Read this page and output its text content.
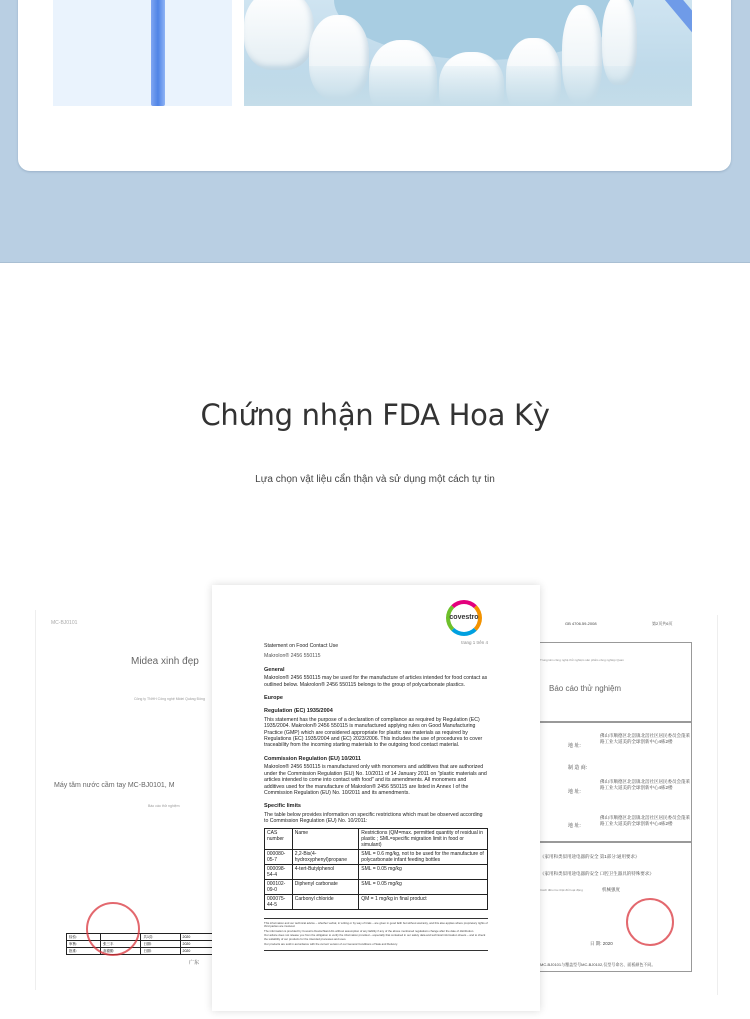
Chứng nhận FDA Hoa Kỳ
Lựa chọn vật liệu cẩn thận và sử dụng một cách tự tin
MC-BJ0101
Midea xinh đẹp
Công ty TNHH Công nghệ Midei Quảng Đông
Máy tăm nước cầm tay MC-BJ0101, M
Báo cáo thử nghiệm
检验:		共1页:	2020
审核:	张三丰	日期:	2020
批准:	高德勤	日期:	2020
广东
covestro
trang 1 trên 4

Statement on Food Contact Use

Makrolon® 2456 550115

General

Makrolon® 2456 550115 may be used for the manufacture of articles intended for food contact as outlined below. Makrolon® 2456 550115 belongs to the group of polycarbonate plastics.

Europe
Regulation (EC) 1935/2004

This statement has the purpose of a declaration of compliance as required by Regulation (EC) 1935/2004. Makrolon® 2456 550115 is manufactured applying rules on Good Manufacturing Practice (GMP) which are considered appropriate for plastic raw materials as required by Regulations (EC) 1935/2004 and (EC) 2023/2006. This includes the use of procedures to cover traceability from the incoming starting materials to the outgoing food contact material.

Commission Regulation (EU) 10/2011

Makrolon® 2456 550115 is manufactured only with monomers and additives that are authorized under the Commission Regulation (EU) No. 10/2011 of 14 January 2011 on "plastic materials and articles intended to come into contact with food" and its amendments. All monomers and additives used for the manufacture of Makrolon® 2456 550115 are listed in Annex I of the Commission Regulation (EU) No. 10/2011 and its amendments.

Specific limits

The table below provides information on specific restrictions which must be observed according to Commission Regulation (EU) No. 10/2011:

CAS number	Name	Restrictions (QM=max. permitted quantity of residual in plastic ; SML=specific migration limit in food or simulant)
000080-05-7	2,2-Bis(4-hydroxyphenyl)propane	SML = 0.6 mg/kg, not to be used for the manufacture of polycarbonate infant feeding bottles
000098-54-4	4-tert-Butylphenol	SML = 0.05 mg/kg
000102-09-0	Diphenyl carbonate	SML = 0.05 mg/kg
000075-44-5	Carbonyl chloride	QM = 1 mg/kg in final product

This information and our technical advice – whether verbal, in writing or by way of trials – are given in good faith but without warranty, and this also applies where proprietary rights of third parties are involved.

The information is provided by Covestro Deutschland AG without assumption of any liability if any of the above mentioned regulations change after the date of distribution.

Our advice does not release you from the obligation to verify the information provided – especially that contained in our safety data and technical information sheets – and to check the suitability of our products for the intended processes and uses.

Our products are sold in accordance with the current version of our General Conditions of Sale and Delivery.

GB 4706.59-2008	第2页共6页
Trung tâm công nghệ thử nghiệm sản phẩm công nghiệp Quan
Báo cáo thử nghiệm
地 址:
佛山市顺德区北滘镇北滘社区居民委员会蓬莱路工业大道美的全球创新中心4栋2楼
制 造 商:
地 址:
佛山市顺德区北滘镇北滘社区居民委员会蓬莱路工业大道美的全球创新中心4栋2楼
地 址:
佛山市顺德区北滘镇北滘社区居民委员会蓬莱路工业大道美的全球创新中心4栋2楼
《家用和类似用途电器的安全 第1部分:通用要求》
《家用和类似用途电器的安全 口腔卫生器具的特殊要求》
Cách điều tra nhật đổ hoạt động	机械强度
日 期: 2020
MC-BJ0101与覆盖型号MC-BJ0102,仅型号命名、面板颜色不同。
